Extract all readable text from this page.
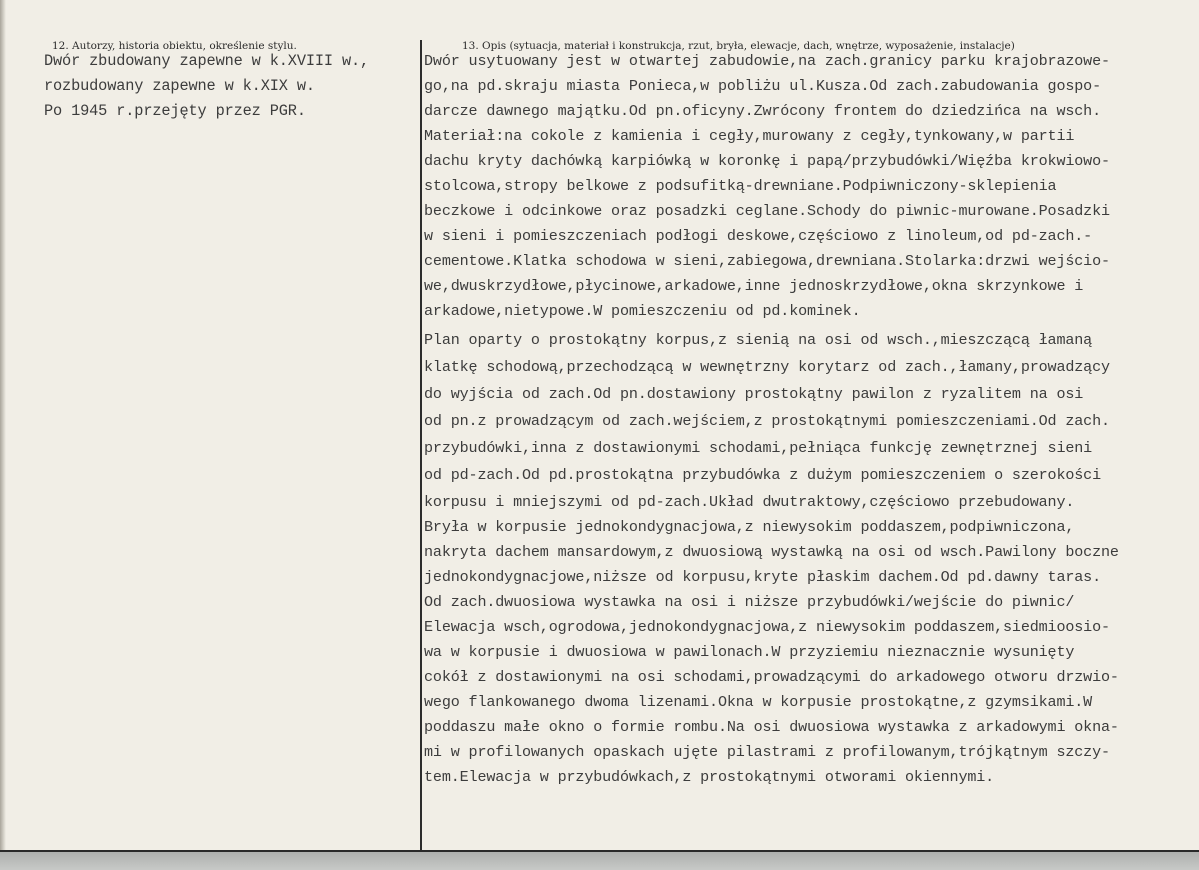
12. Autorzy, historia obiektu, określenie stylu.	13. Opis (sytuacja, materiał i konstrukcja, rzut, bryła, elewacje, dach, wnętrze, wyposażenie, instalacje)
Dwór zbudowany zapewne w k.XVIII w.,
rozbudowany zapewne w k.XIX w.
Po 1945 r.przejęty przez PGR.
Dwór usytuowany jest w otwartej zabudowie,na zach.granicy parku krajobrazowe-
go,na pd.skraju miasta Ponieca,w pobliżu ul.Kusza.Od zach.zabudowania gospo-
darcze dawnego majątku.Od pn.oficyny.Zwrócony frontem do dziedzińca na wsch.
Materiał:na cokole z kamienia i cegły,murowany z cegły,tynkowany,w partii
dachu kryty dachówką karpiówką w koronkę i papą/przybudówki/Więźba krokwiowo-
stolcowa,stropy belkowe z podsufitką-drewniane.Podpiwniczony-sklepienia
beczkowe i odcinkowe oraz posadzki ceglane.Schody do piwnic-murowane.Posadzki
w sieni i pomieszczeniach podłogi deskowe,częściowo z linoleum,od pd-zach.-
cementowe.Klatka schodowa w sieni,zabiegowa,drewniana.Stolarka:drzwi wejścio-
we,dwuskrzydłowe,płycinowe,arkadowe,inne jednoskrzydłowe,okna skrzynkowe i
arkadowe,nietypowe.W pomieszczeniu od pd.kominek.
Plan oparty o prostokątny korpus,z sienią na osi od wsch.,mieszczącą łamaną
klatkę schodową,przechodzącą w wewnętrzny korytarz od zach.,łamany,prowadzący
do wyjścia od zach.Od pn.dostawiony prostokątny pawilon z ryzalitem na osi
od pn.z prowadzącym od zach.wejściem,z prostokątnymi pomieszczeniami.Od zach.
przybudówki,inna z dostawionymi schodami,pełniąca funkcję zewnętrznej sieni
od pd-zach.Od pd.prostokątna przybudówka z dużym pomieszczeniem o szerokości
korpusu i mniejszymi od pd-zach.Układ dwutraktowy,częściowo przebudowany.
Bryła w korpusie jednokondygnacjowa,z niewysokim poddaszem,podpiwniczona,
nakryta dachem mansardowym,z dwuosiową wystawką na osi od wsch.Pawilony boczne
jednokondygnacjowe,niższe od korpusu,kryte płaskim dachem.Od pd.dawny taras.
Od zach.dwuosiowa wystawka na osi i niższe przybudówki/wejście do piwnic/
Elewacja wsch,ogrodowa,jednokondygnacjowa,z niewysokim poddaszem,siedmioosio-
wa w korpusie i dwuosiowa w pawilonach.W przyziemiu nieznacznie wysunięty
cokół z dostawionymi na osi schodami,prowadzącymi do arkadowego otworu drzwio-
wego flankowanego dwoma lizenami.Okna w korpusie prostokątne,z gzymsikami.W
poddaszu małe okno o formie rombu.Na osi dwuosiowa wystawka z arkadowymi okna-
mi w profilowanych opaskach ujęte pilastrami z profilowanym,trójkątnym szczy-
tem.Elewacja w przybudówkach,z prostokątnymi otworami okiennymi.
